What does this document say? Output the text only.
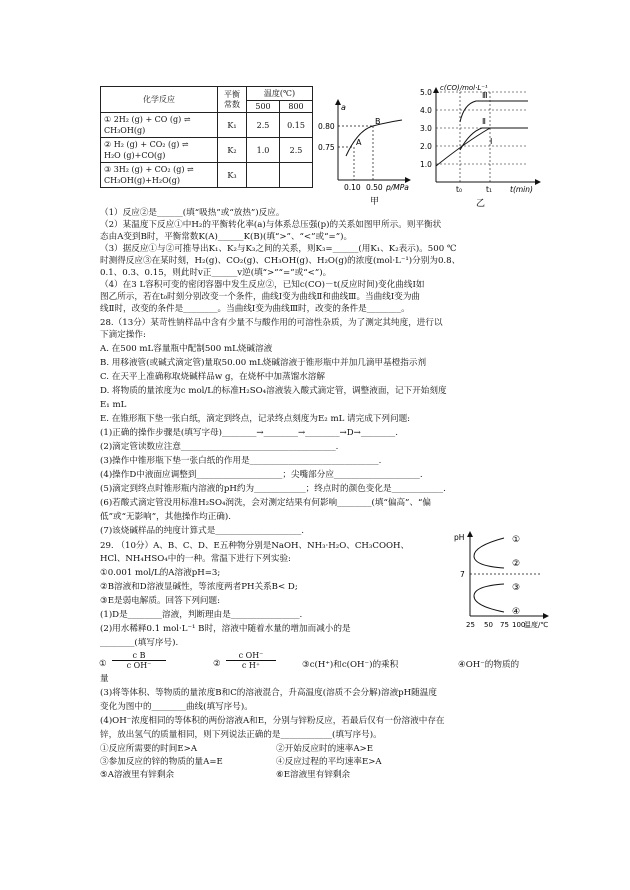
化学反应	平衡常数	温度(℃)	
		500	800

① 2H₂ (g) + CO (g) ⇌
CH₃OH(g)	K₁	2.5	0.15

② H₂ (g) + CO₂ (g) ⇌
H₂O (g)+CO(g)	K₂	1.0	2.5

③ 3H₂ (g) + CO₂ (g) ⇌
CH₃OH(g)+H₂O(g)	K₃		
a
0.80
0.75
A
B
0.10 0.50 p/MPa
甲
1.0
2.0
3.0
4.0
5.0 c(CO)/mol·L⁻¹
Ⅲ
Ⅱ
Ⅰ
t₀	t₁ t(min)
乙
pH
7
①
②
③
④
25 50 75 100
温度/℃
（1）反应②是______(填“吸热”或“放热”)反应。
（2）某温度下反应①中H₂的平衡转化率(a)与体系总压强(p)的关系如图甲所示。则平衡状
态由A变到B时，平衡常数K(A)______K(B)(填“>”、“<”或“=”)。
（3）据反应①与②可推导出K₁、K₂与K₃之间的关系，则K₃=______(用K₁、K₂表示)。500 ℃
时测得反应③在某时刻，H₂(g)、CO₂(g)、CH₃OH(g)、H₂O(g)的浓度(mol·L⁻¹)分别为0.8、
0.1、0.3、0.15，则此时v正______v逆(填“>”“=”或“<”)。
（4）在3 L容积可变的密闭容器中发生反应②，已知c(CO)－t(反应时间)变化曲线Ⅰ如
图乙所示，若在t₀时刻分别改变一个条件，曲线Ⅰ变为曲线Ⅱ和曲线Ⅲ。当曲线Ⅰ变为曲
线Ⅱ时，改变的条件是________。当曲线Ⅰ变为曲线Ⅲ时，改变的条件是________。
28.（13分）某苛性钠样品中含有少量不与酸作用的可溶性杂质，为了测定其纯度，进行以
下滴定操作:
A. 在500 mL容量瓶中配制500 mL烧碱溶液
B. 用移液管(或碱式滴定管)量取50.00 mL烧碱溶液于锥形瓶中并加几滴甲基橙指示剂
C. 在天平上准确称取烧碱样品w g，在烧杯中加蒸馏水溶解
D. 将物质的量浓度为c mol/L的标准H₂SO₄溶液装入酸式滴定管，调整液面，记下开始刻度
E₁ mL
E. 在锥形瓶下垫一张白纸，滴定到终点，记录终点刻度为E₂ mL 请完成下列问题:
(1)正确的操作步骤是(填写字母)________→________→________→D→________.
(2)滴定管读数应注意____________________________________.
(3)操作中锥形瓶下垫一张白纸的作用是______________________________.
(4)操作D中液面应调整到____________________；尖嘴部分应____________________.
(5)滴定到终点时锥形瓶内溶液的pH约为____________；终点时的颜色变化是____________.
(6)若酸式滴定管没用标准H₂SO₄润洗，会对测定结果有何影响________(填“偏高”、“偏
低”或“无影响”，其他操作均正确).
(7)该烧碱样品的纯度计算式是____________________.
29. （10分）A、B、C、D、E五种物分别是NaOH、NH₃·H₂O、CH₃COOH、
HCl、NH₄HSO₄中的一种。常温下进行下列实验:
①0.001 mol/L的A溶液pH=3;
②B溶液和D溶液显碱性，等浓度两者PH关系B< D;
③E是弱电解质。回答下列问题:
(1)D是________溶液，判断理由是________________.
(2)用水稀释0.1 mol·L⁻¹ B时，溶液中随着水量的增加而减小的是
________(填写序号).
①
c B
c OH⁻	②
c OH⁻
c H⁺	③c(H⁺)和c(OH⁻)的乘积	④OH⁻的物质的
量
(3)将等体积、等物质的量浓度B和C的溶液混合，升高温度(溶质不会分解)溶液pH随温度
变化为图中的________曲线(填写序号)。
(4)OH⁻浓度相同的等体积的两份溶液A和E，分别与锌粉反应，若最后仅有一份溶液中存在
锌，放出氢气的质量相同，则下列说法正确的是____________(填写序号)。
①反应所需要的时间E>A	②开始反应时的速率A>E
③参加反应的锌的物质的量A=E	④反应过程的平均速率E>A
⑤A溶液里有锌剩余	⑥E溶液里有锌剩余
